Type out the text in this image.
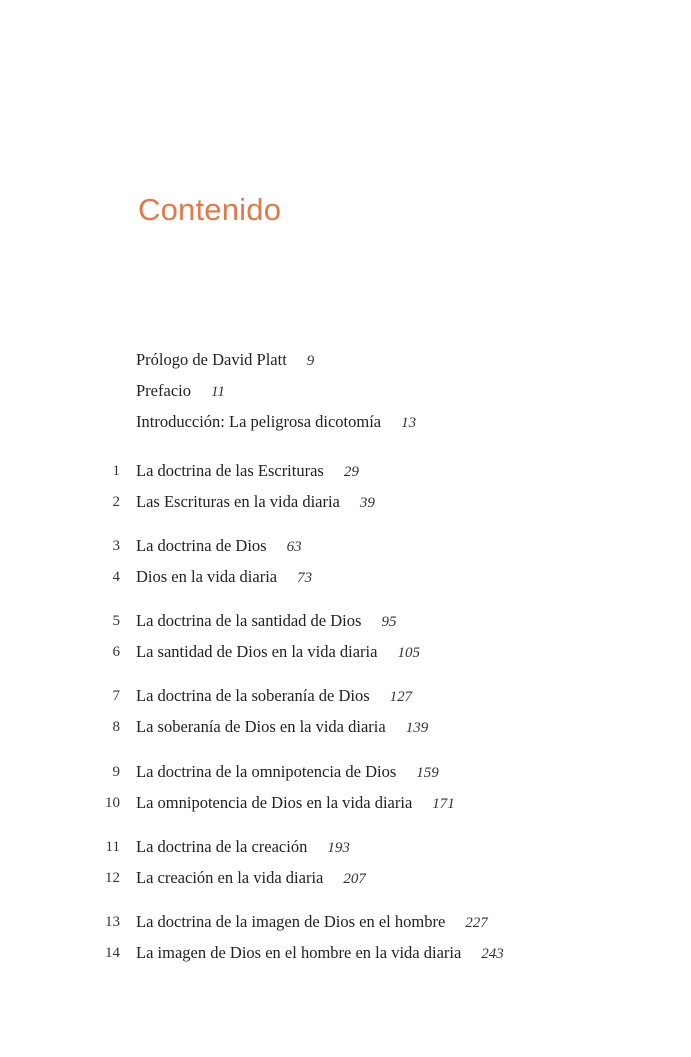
Contenido
Prólogo de David Platt 9
Prefacio 11
Introducción: La peligrosa dicotomía 13
1 La doctrina de las Escrituras 29
2 Las Escrituras en la vida diaria 39
3 La doctrina de Dios 63
4 Dios en la vida diaria 73
5 La doctrina de la santidad de Dios 95
6 La santidad de Dios en la vida diaria 105
7 La doctrina de la soberanía de Dios 127
8 La soberanía de Dios en la vida diaria 139
9 La doctrina de la omnipotencia de Dios 159
10 La omnipotencia de Dios en la vida diaria 171
11 La doctrina de la creación 193
12 La creación en la vida diaria 207
13 La doctrina de la imagen de Dios en el hombre 227
14 La imagen de Dios en el hombre en la vida diaria 243
